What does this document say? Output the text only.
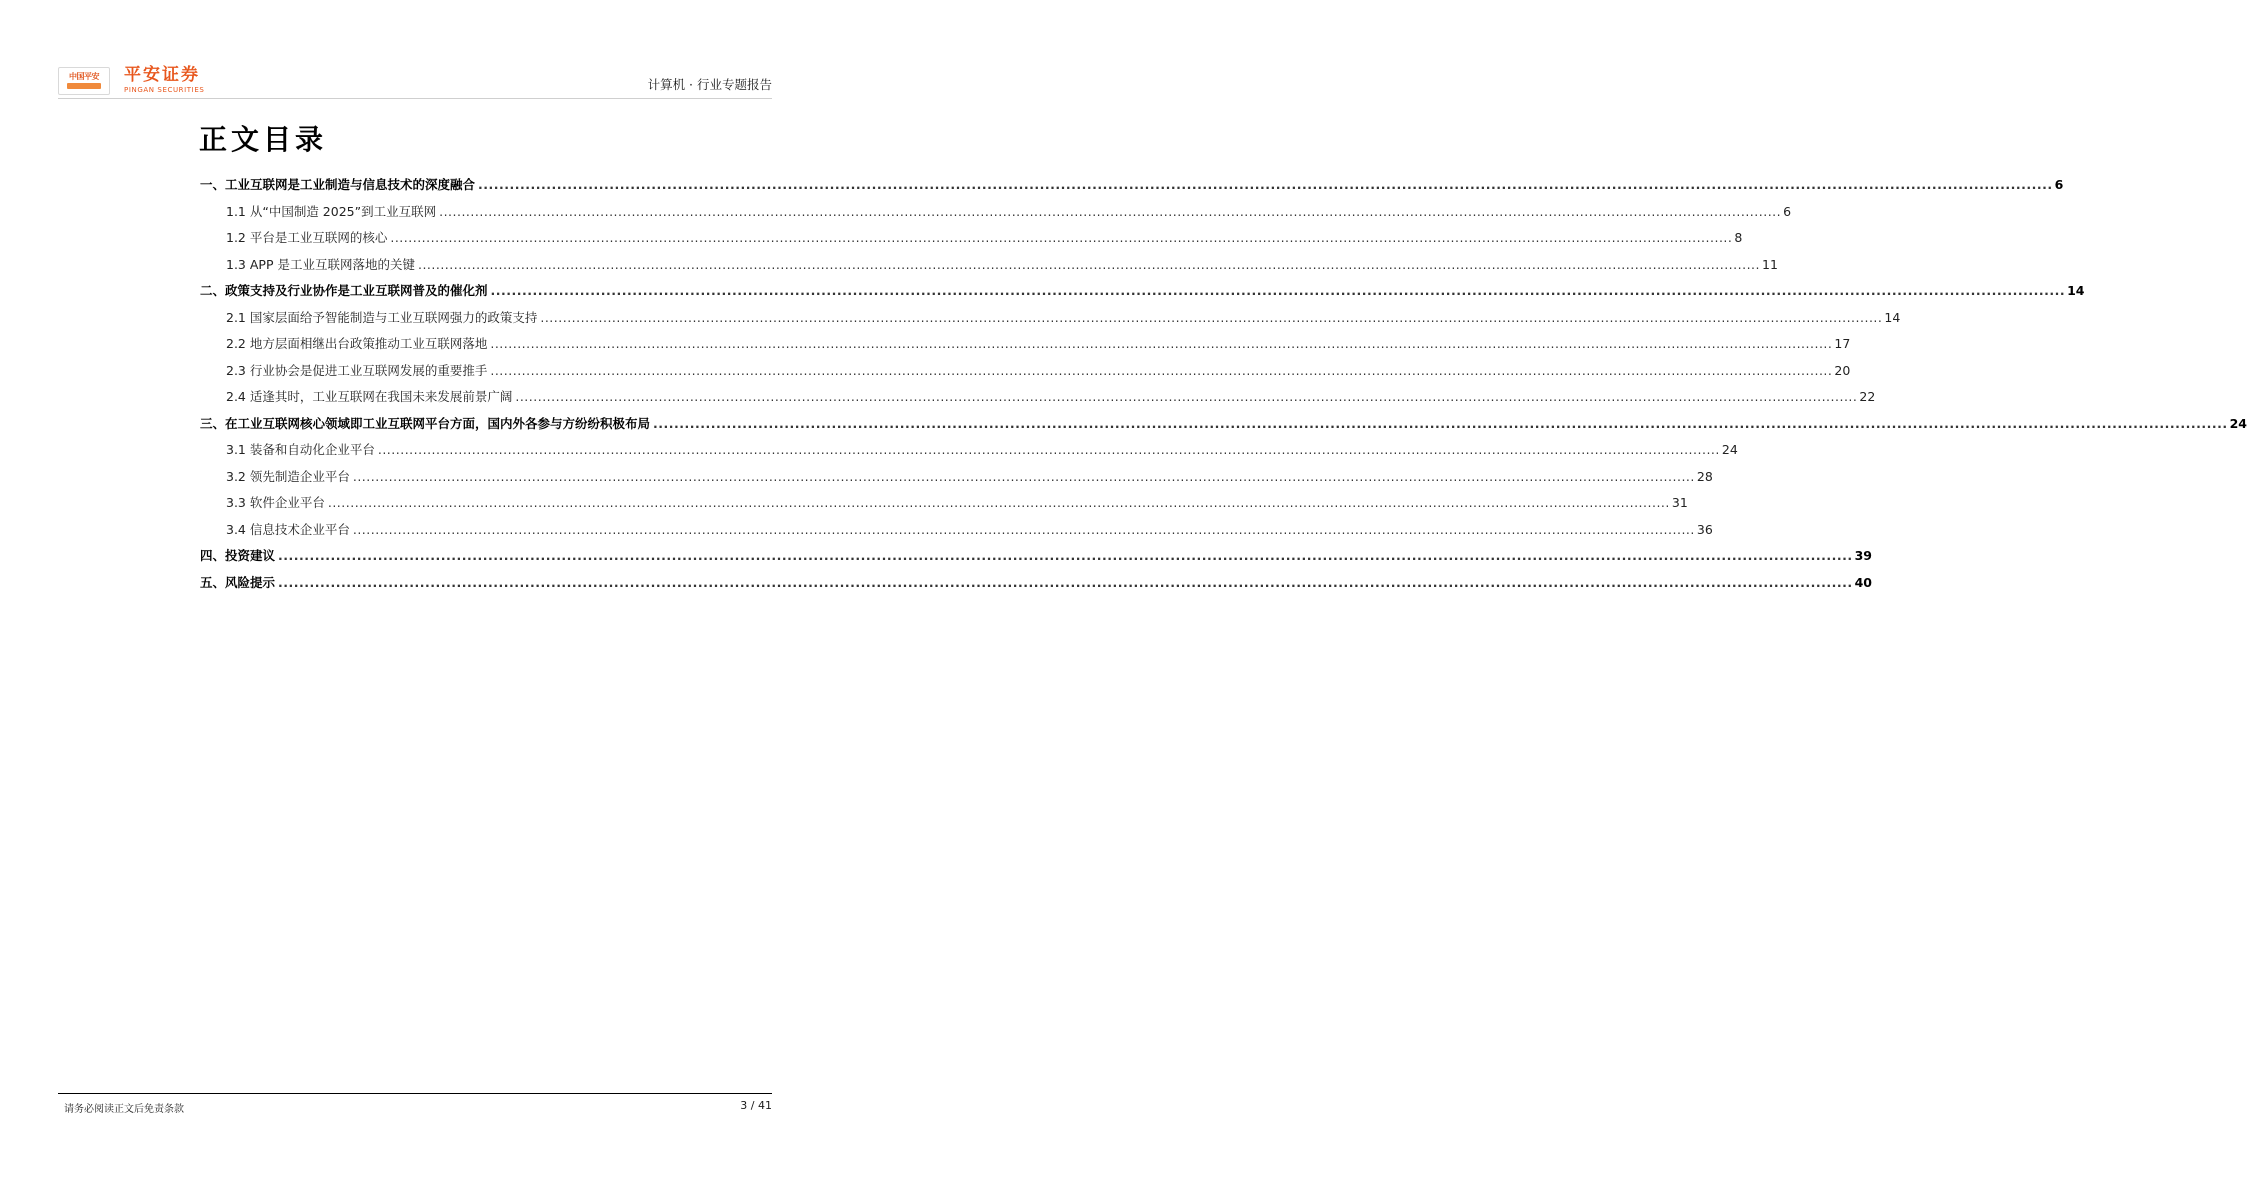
中国平安 平安证券
PINGAN SECURITIES	计算机 · 行业专题报告
正文目录
一、工业互联网是工业制造与信息技术的深度融合 ............................................................................................................................................................................................................................................................................................................ 6
1.1 从“中国制造 2025”到工业互联网 ............................................................................................................................................................................................................................................................................................................ 6
1.2 平台是工业互联网的核心 ............................................................................................................................................................................................................................................................................................................ 8
1.3 APP 是工业互联网落地的关键 ............................................................................................................................................................................................................................................................................................................ 11
二、政策支持及行业协作是工业互联网普及的催化剂 ............................................................................................................................................................................................................................................................................................................ 14
2.1 国家层面给予智能制造与工业互联网强力的政策支持 ............................................................................................................................................................................................................................................................................................................ 14
2.2 地方层面相继出台政策推动工业互联网落地 ............................................................................................................................................................................................................................................................................................................ 17
2.3 行业协会是促进工业互联网发展的重要推手 ............................................................................................................................................................................................................................................................................................................ 20
2.4 适逢其时，工业互联网在我国未来发展前景广阔 ............................................................................................................................................................................................................................................................................................................ 22
三、在工业互联网核心领域即工业互联网平台方面，国内外各参与方纷纷积极布局 ............................................................................................................................................................................................................................................................................................................ 24
3.1 装备和自动化企业平台 ............................................................................................................................................................................................................................................................................................................ 24
3.2 领先制造企业平台 ............................................................................................................................................................................................................................................................................................................ 28
3.3 软件企业平台 ............................................................................................................................................................................................................................................................................................................ 31
3.4 信息技术企业平台 ............................................................................................................................................................................................................................................................................................................ 36
四、投资建议 ............................................................................................................................................................................................................................................................................................................ 39
五、风险提示 ............................................................................................................................................................................................................................................................................................................ 40
请务必阅读正文后免责条款	3 / 41
